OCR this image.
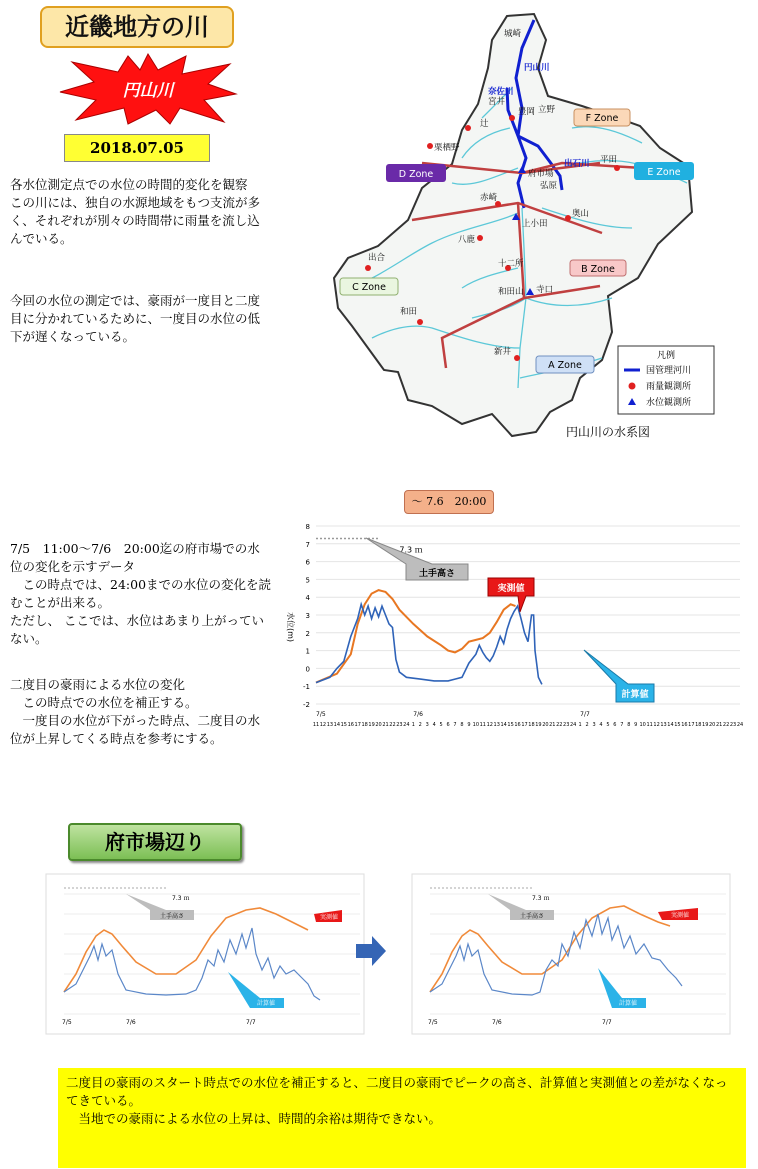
近畿地方の川
円山川
2018.07.05
各水位測定点での水位の時間的変化を観察
この川には、独自の水源地域をもつ支流が多く、それぞれが別々の時間帯に雨量を流し込んでいる。
今回の水位の測定では、豪雨が一度目と二度目に分かれているために、一度目の水位の低下が遅くなっている。
城崎
円山川
奈佐川
宮井
豊岡 立野
辻
出石川 平田
栗栖野
府市場
弘原
赤崎
上小田
奥山
八鹿
出合
十二所
和田山 寺口
和田
新井
F Zone
D Zone	E Zone
B Zone
C Zone
A Zone
凡例
国管理河川
雨量観測所
水位観測所
円山川の水系図
～ 7.6　20:00
7/5　11:00～7/6　20:00迄の府市場での水位の変化を示すデータ
　この時点では、24:00までの水位の変化を読むことが出来る。
ただし、 ここでは、水位はあまり上がっていない。
二度目の豪雨による水位の変化
　この時点での水位を補正する。
　一度目の水位が下がった時点、二度目の水位が上昇してくる時点を参考にする。
-2
-1
0
1
2
3
4
5
6
7
8
11 12 13 14 15 16 17 18 19 20 21 22 23 24 1 2 3 4 5 6 7 8 9 10 11 12 13 14 15 16 17 18 19 20 21 22 23 24 1 2 3 4 5 6 7 8 9 10 11 12 13 14 15 16 17 18 19 20 21 22 23 24
7/5	7/6	7/7
水位(m)
7.3 ｍ
土手高さ
実測値
計算値
府市場辺り
土手高さ
7.3 ｍ
実測値
計算値
7/5	7/6	7/7
土手高さ
7.3 ｍ
実測値
計算値
7/5	7/6	7/7
二度目の豪雨のスタート時点での水位を補正すると、二度目の豪雨でピークの高さ、計算値と実測値との差がなくなってきている。
　当地での豪雨による水位の上昇は、時間的余裕は期待できない。
